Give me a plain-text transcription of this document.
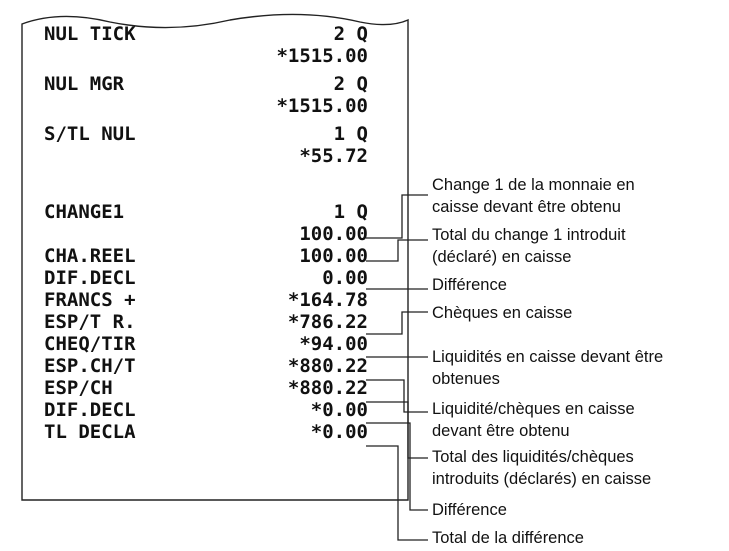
NUL TICK	2 Q
*1515.00
NUL MGR	2 Q
*1515.00
S/TL NUL	1 Q
*55.72
CHANGE1	1 Q
100.00
CHA.REEL	100.00
DIF.DECL	0.00
FRANCS +	*164.78
ESP/T R.	*786.22
CHEQ/TIR	*94.00
ESP.CH/T	*880.22
ESP/CH	*880.22
DIF.DECL	*0.00
TL DECLA	*0.00
Change 1 de la monnaie en
caisse devant être obtenu
Total du change 1 introduit
(déclaré) en caisse
Différence
Chèques en caisse
Liquidités en caisse devant être
obtenues
Liquidité/chèques en caisse
devant être obtenu
Total des liquidités/chèques
introduits (déclarés) en caisse
Différence
Total de la différence
